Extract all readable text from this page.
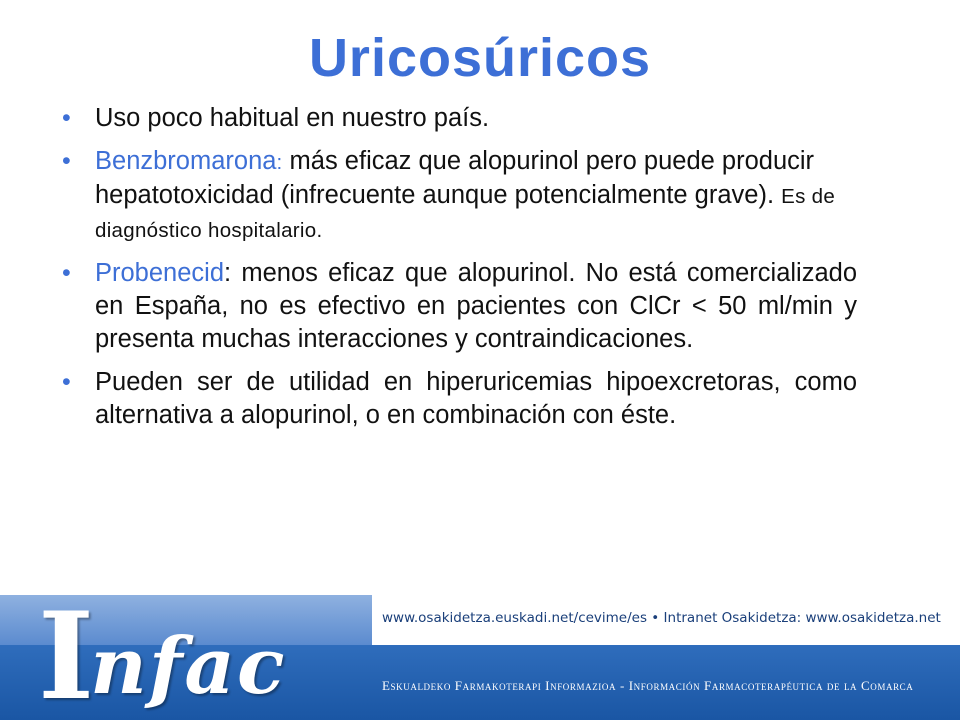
Uricosúricos
• Uso poco habitual en nuestro país.
• Benzbromarona: más eficaz que alopurinol pero puede producir hepatotoxicidad (infrecuente aunque potencialmente grave). Es de diagnóstico hospitalario.
• Probenecid: menos eficaz que alopurinol. No está comercializado en España, no es efectivo en pacientes con ClCr < 50 ml/min y presenta muchas interacciones y contraindicaciones.
• Pueden ser de utilidad en hiperuricemias hipoexcretoras, como alternativa a alopurinol, o en combinación con éste.
www.osakidetza.euskadi.net/cevime/es • Intranet Osakidetza: www.osakidetza.net
Infac	Eskualdeko Farmakoterapi Informazioa - Información Farmacoterapéutica de la Comarca
